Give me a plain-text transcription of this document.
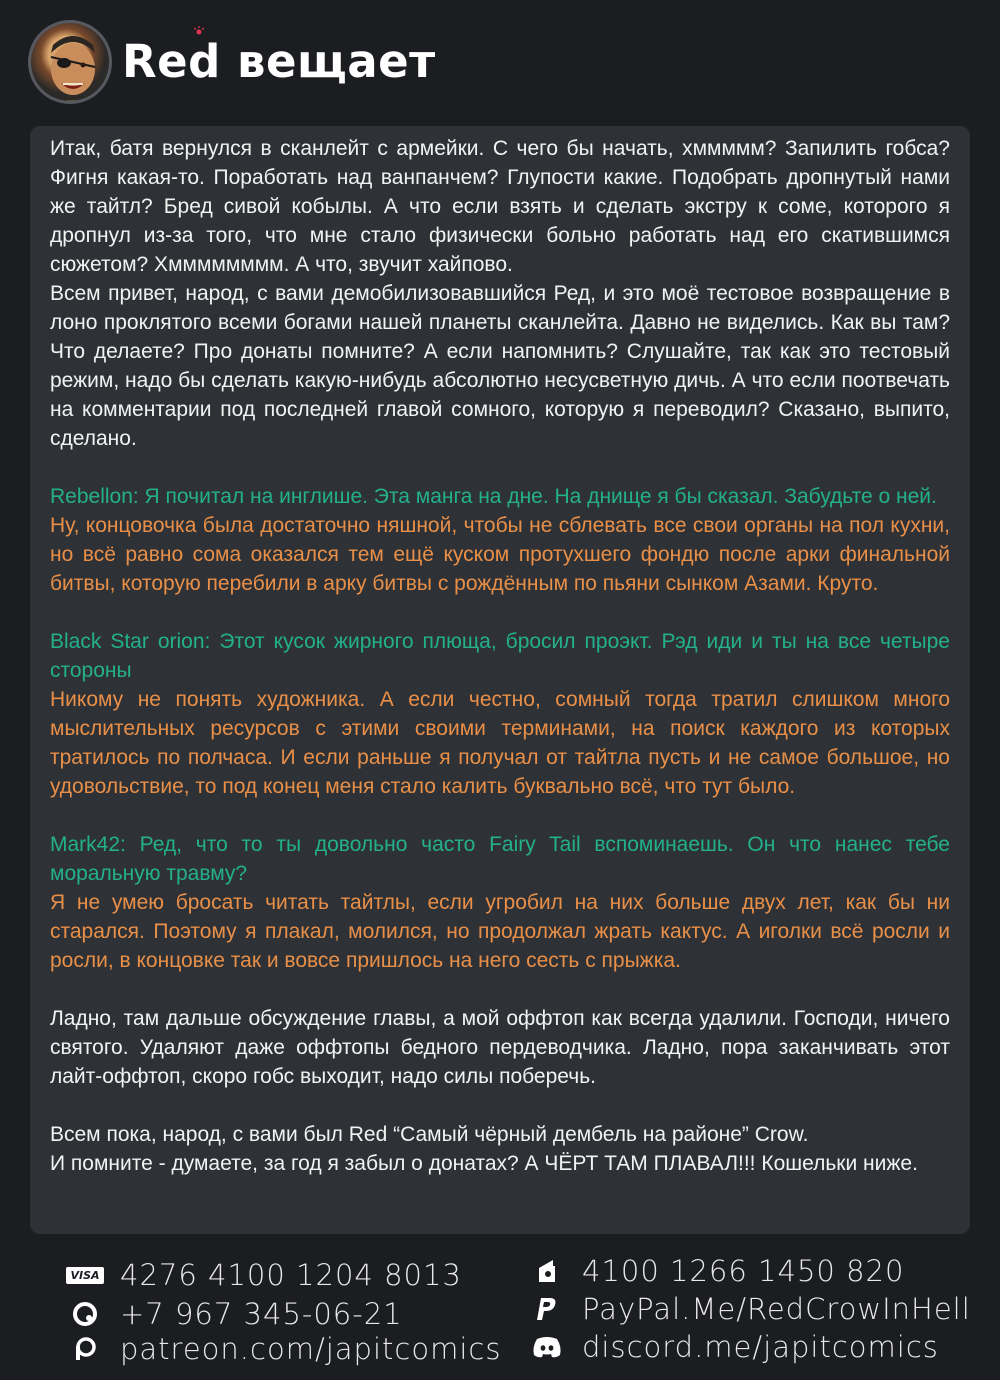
Red вещает

Итак, батя вернулся в сканлейт с армейки. С чего бы начать, хммммм? Запилить гобса? Фигня какая-то. Поработать над ванпанчем? Глупости какие. Подобрать дропнутый нами же тайтл? Бред сивой кобылы. А что если взять и сделать экстру к соме, которого я дропнул из-за того, что мне стало физически больно работать над его скатившимся сюжетом? Хмммммммм. А что, звучит хайпово.

Всем привет, народ, с вами демобилизовавшийся Ред, и это моё тестовое возвращение в лоно проклятого всеми богами нашей планеты сканлейта. Давно не виделись. Как вы там? Что делаете? Про донаты помните? А если напомнить? Слушайте, так как это тестовый режим, надо бы сделать какую-нибудь абсолютно несусветную дичь. А что если поотвечать на комментарии под последней главой сомного, которую я переводил? Сказано, выпито, сделано.

Rebellon: Я почитал на инглише. Эта манга на дне. На днище я бы сказал. Забудьте о ней.

Ну, концовочка была достаточно няшной, чтобы не сблевать все свои органы на пол кухни, но всё равно сома оказался тем ещё куском протухшего фондю после арки финальной битвы, которую перебили в арку битвы с рождённым по пьяни сынком Азами. Круто.

Black Star orion: Этот кусок жирного плюща, бросил проэкт. Рэд иди и ты на все четыре стороны

Никому не понять художника. А если честно, сомный тогда тратил слишком много мыслительных ресурсов с этими своими терминами, на поиск каждого из которых тратилось по полчаса. И если раньше я получал от тайтла пусть и не самое большое, но удовольствие, то под конец меня стало калить буквально всё, что тут было.

Mark42: Ред, что то ты довольно часто Fairy Tail вспоминаешь. Он что нанес тебе моральную травму?

Я не умею бросать читать тайтлы, если угробил на них больше двух лет, как бы ни старался. Поэтому я плакал, молился, но продолжал жрать кактус. А иголки всё росли и росли, в концовке так и вовсе пришлось на него сесть с прыжка.

Ладно, там дальше обсуждение главы, а мой оффтоп как всегда удалили. Господи, ничего святого. Удаляют даже оффтопы бедного пердеводчика. Ладно, пора заканчивать этот лайт-оффтоп, скоро гобс выходит, надо силы поберечь.

Всем пока, народ, с вами был Red “Самый чёрный дембель на районе” Crow.

И помните - думаете, за год я забыл о донатах? А ЧЁРТ ТАМ ПЛАВАЛ!!! Кошельки ниже.

VISA 4276 4100 1204 8013
+7 967 345-06-21
patreon.com/japitcomics
4100 1266 1450 820
PayPal.Me/RedCrowInHell
discord.me/japitcomics
